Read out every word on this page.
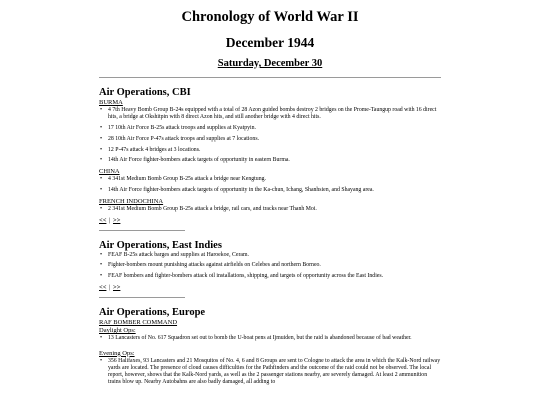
Chronology of World War II
December 1944
Saturday, December 30

Air Operations, CBI

BURMA

• 4 7th Heavy Bomb Group B-24s equipped with a total of 28 Azon guided bombs destroy 2 bridges on the Prome-Taungup road with 16 direct hits, a bridge at Okshitpin with 8 direct Azon hits, and still another bridge with 4 direct hits.
• 17 10th Air Force B-25s attack troops and supplies at Kyatpyin.
• 28 10th Air Force P-47s attack troops and supplies at 7 locations.
• 12 P-47s attack 4 bridges at 3 locations.
• 14th Air Force fighter-bombers attack targets of opportunity in eastern Burma.

CHINA

• 4 341st Medium Bomb Group B-25s attack a bridge near Kengtung.
• 14th Air Force fighter-bombers attack targets of opportunity in the Ka-chun, Ichang, Shanhsien, and Shayang area.

FRENCH INDOCHINA

• 2 341st Medium Bomb Group B-25s attack a bridge, rail cars, and tracks near Thanh Moi.

<< | >>

Air Operations, East Indies

• FEAF B-25s attack barges and supplies at Haroekoe, Ceram.
• Fighter-bombers mount punishing attacks against airfields on Celebes and northern Borneo.
• FEAF bombers and fighter-bombers attack oil installations, shipping, and targets of opportunity across the East Indies.

<< | >>

Air Operations, Europe

RAF BOMBER COMMAND

Daylight Ops:

• 13 Lancasters of No. 617 Squadron set out to bomb the U-boat pens at Ijmuiden, but the raid is abandoned because of bad weather.

Evening Ops:

• 356 Halifaxes, 93 Lancasters and 21 Mosquitos of No. 4, 6 and 8 Groups are sent to Cologne to attack the area in which the Kalk-Nord railway yards are located. The presence of cloud causes difficulties for the Pathfinders and the outcome of the raid could not be observed. The local report, however, shows that the Kalk-Nord yards, as well as the 2 passenger stations nearby, are severely damaged. At least 2 ammunition trains blow up. Nearby Autobahns are also badly damaged, all adding to
